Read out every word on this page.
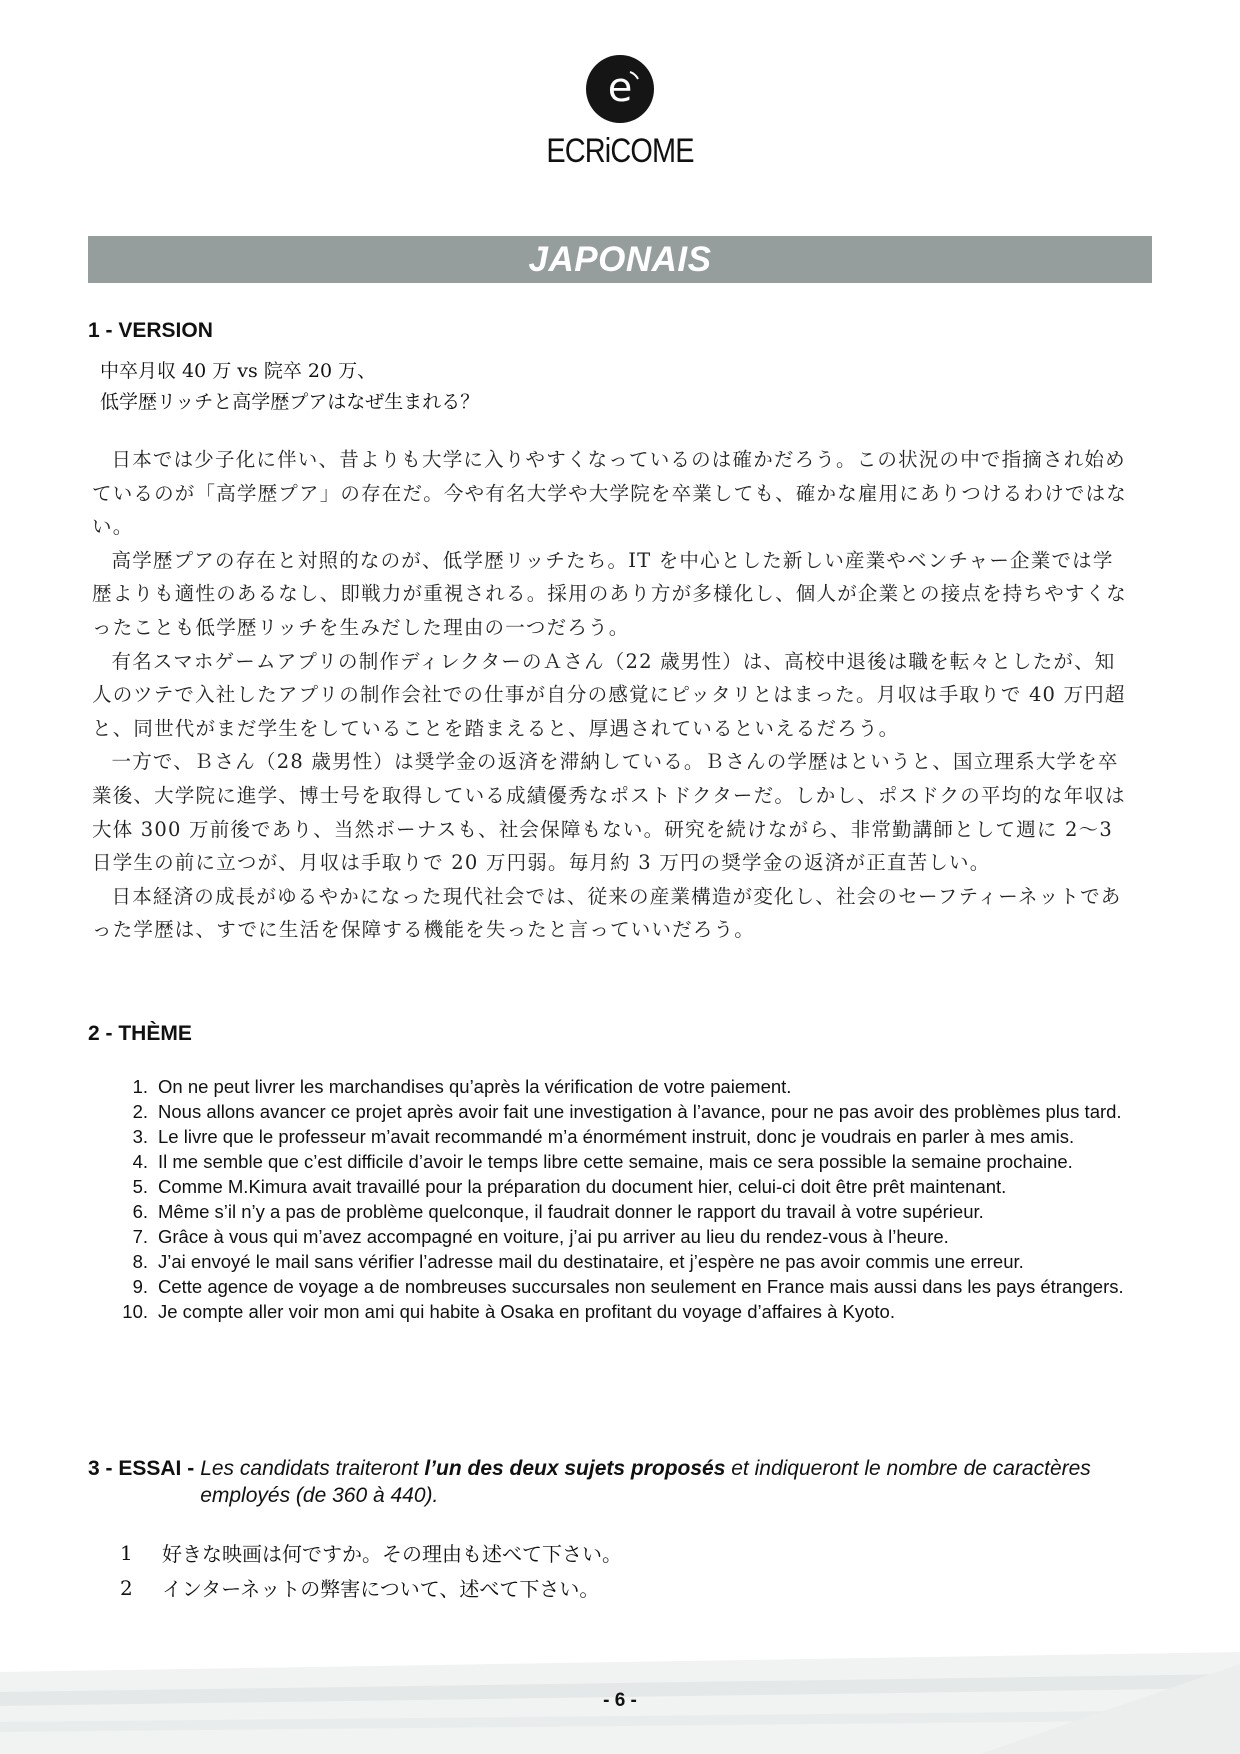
e
ECRiCOME
JAPONAIS
1 - VERSION
中卒月収 40 万 vs 院卒 20 万、
低学歴リッチと高学歴プアはなぜ生まれる？

日本では少子化に伴い、昔よりも大学に入りやすくなっているのは確かだろう。この状況の中で指摘され始めているのが「高学歴プア」の存在だ。今や有名大学や大学院を卒業しても、確かな雇用にありつけるわけではない。

高学歴プアの存在と対照的なのが、低学歴リッチたち。IT を中心とした新しい産業やベンチャー企業では学歴よりも適性のあるなし、即戦力が重視される。採用のあり方が多様化し、個人が企業との接点を持ちやすくなったことも低学歴リッチを生みだした理由の一つだろう。

有名スマホゲームアプリの制作ディレクターのＡさん（22 歳男性）は、高校中退後は職を転々としたが、知人のツテで入社したアプリの制作会社での仕事が自分の感覚にピッタリとはまった。月収は手取りで 40 万円超と、同世代がまだ学生をしていることを踏まえると、厚遇されているといえるだろう。

一方で、Ｂさん（28 歳男性）は奨学金の返済を滞納している。Ｂさんの学歴はというと、国立理系大学を卒業後、大学院に進学、博士号を取得している成績優秀なポストドクターだ。しかし、ポスドクの平均的な年収は大体 300 万前後であり、当然ボーナスも、社会保障もない。研究を続けながら、非常勤講師として週に 2～3 日学生の前に立つが、月収は手取りで 20 万円弱。毎月約 3 万円の奨学金の返済が正直苦しい。

日本経済の成長がゆるやかになった現代社会では、従来の産業構造が変化し、社会のセーフティーネットであった学歴は、すでに生活を保障する機能を失ったと言っていいだろう。

2 - THÈME
1. On ne peut livrer les marchandises qu’après la vérification de votre paiement.
2. Nous allons avancer ce projet après avoir fait une investigation à l’avance, pour ne pas avoir des problèmes plus tard.
3. Le livre que le professeur m’avait recommandé m’a énormément instruit, donc je voudrais en parler à mes amis.
4. Il me semble que c’est difficile d’avoir le temps libre cette semaine, mais ce sera possible la semaine prochaine.
5. Comme M.Kimura avait travaillé pour la préparation du document hier, celui-ci doit être prêt maintenant.
6. Même s’il n’y a pas de problème quelconque, il faudrait donner le rapport du travail à votre supérieur.
7. Grâce à vous qui m’avez accompagné en voiture, j’ai pu arriver au lieu du rendez-vous à l’heure.
8. J’ai envoyé le mail sans vérifier l’adresse mail du destinataire, et j’espère ne pas avoir commis une erreur.
9. Cette agence de voyage a de nombreuses succursales non seulement en France mais aussi dans les pays étrangers.
10. Je compte aller voir mon ami qui habite à Osaka en profitant du voyage d’affaires à Kyoto.
3 - ESSAI - Les candidats traiteront l’un des deux sujets proposés et indiqueront le nombre de caractères employés (de 360 à 440).
1	好きな映画は何ですか。その理由も述べて下さい。
2	インターネットの弊害について、述べて下さい。
- 6 -
